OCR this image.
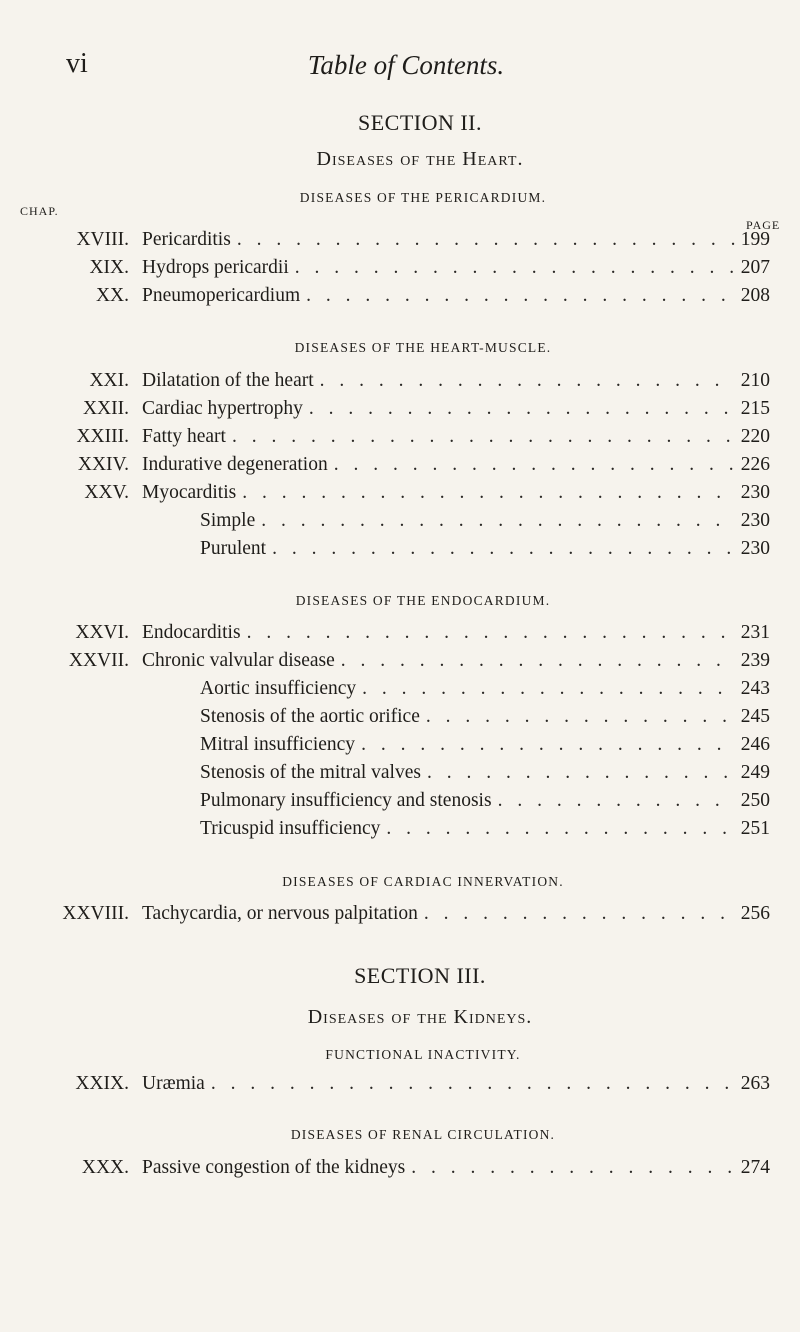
vi	Table of Contents.
SECTION II.
Diseases of the Heart.
DISEASES OF THE PERICARDIUM.
CHAP.
PAGE
XVIII. Pericarditis . . .	199
XIX. Hydrops pericardii . . .	207
XX. Pneumopericardium . . .	208
DISEASES OF THE HEART-MUSCLE.
XXI. Dilatation of the heart . . .	210
XXII. Cardiac hypertrophy . . .	215
XXIII. Fatty heart . . .	220
XXIV. Indurative degeneration . . .	226
XXV. Myocarditis . . .	230
Simple . . .	230
Purulent . . .	230
DISEASES OF THE ENDOCARDIUM.
XXVI. Endocarditis . . .	231
XXVII. Chronic valvular disease . . .	239
Aortic insufficiency . . .	243
Stenosis of the aortic orifice . . .	245
Mitral insufficiency . . .	246
Stenosis of the mitral valves . . .	249
Pulmonary insufficiency and stenosis . . .	250
Tricuspid insufficiency . . .	251
DISEASES OF CARDIAC INNERVATION.
XXVIII. Tachycardia, or nervous palpitation . . .	256
SECTION III.
Diseases of the Kidneys.
FUNCTIONAL INACTIVITY.
XXIX. Uræmia . . .	263
DISEASES OF RENAL CIRCULATION.
XXX. Passive congestion of the kidneys . . .	274
